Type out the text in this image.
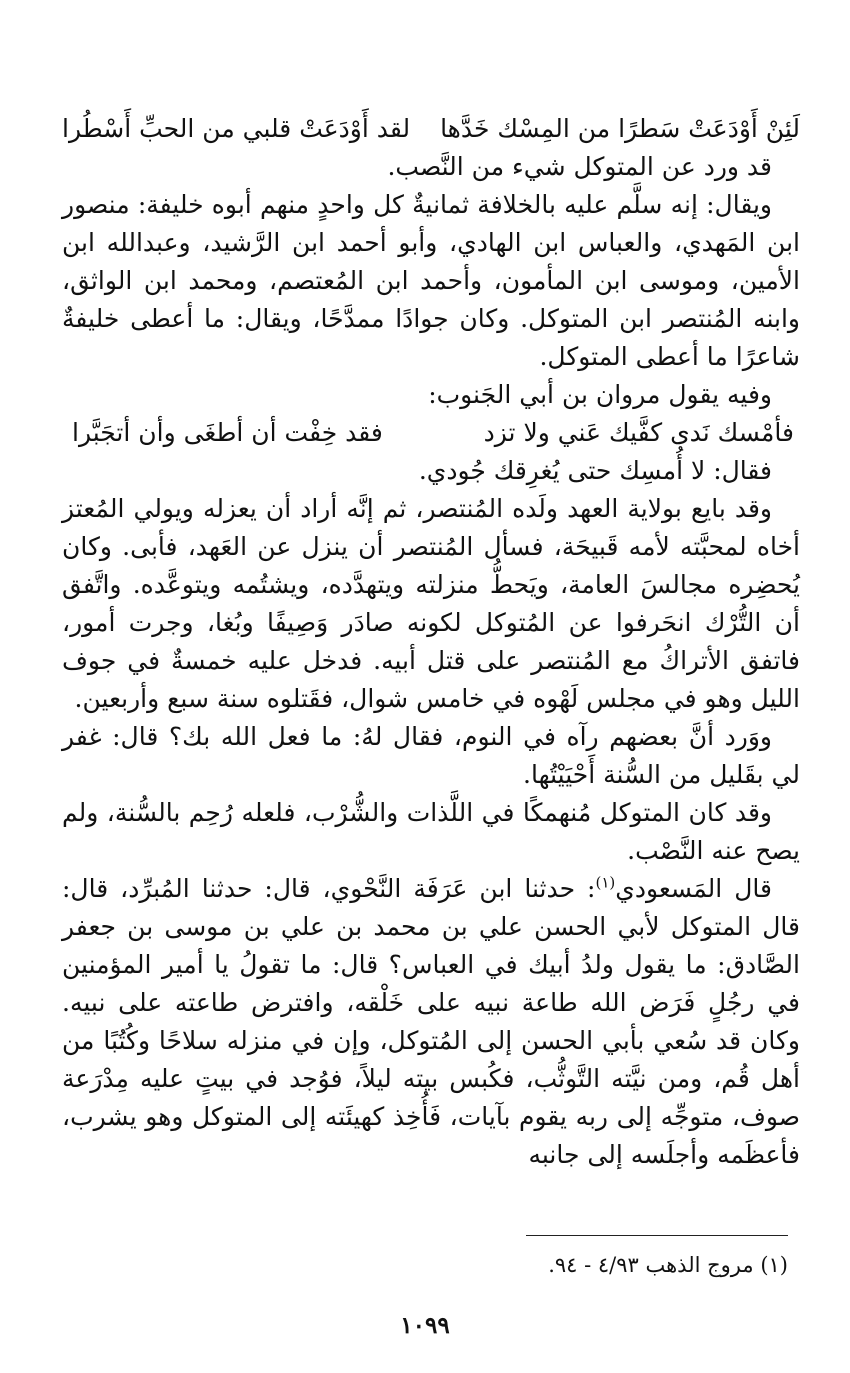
لَئِنْ أَوْدَعَتْ سَطرًا من المِسْك خَدَّها
لقد أَوْدَعَتْ قلبي من الحبِّ أَسْطُرا

قد ورد عن المتوكل شيء من النَّصب.

ويقال: إنه سلَّم عليه بالخلافة ثمانيةٌ كل واحدٍ منهم أبوه خليفة: منصور ابن المَهدي، والعباس ابن الهادي، وأبو أحمد ابن الرَّشيد، وعبدالله ابن الأمين، وموسى ابن المأمون، وأحمد ابن المُعتصم، ومحمد ابن الواثق، وابنه المُنتصر ابن المتوكل. وكان جوادًا ممدَّحًا، ويقال: ما أعطى خليفةٌ شاعرًا ما أعطى المتوكل.

وفيه يقول مروان بن أبي الجَنوب:

فأمْسك نَدى كفَّيك عَني ولا تزد
فقد خِفْت أن أطغَى وأن أتجَبَّرا

فقال: لا أُمسِك حتى يُغرِقك جُودي.

وقد بايع بولاية العهد ولَده المُنتصر، ثم إنَّه أراد أن يعزله ويولي المُعتز أخاه لمحبَّته لأمه قَبيحَة، فسأل المُنتصر أن ينزل عن العَهد، فأبى. وكان يُحضِره مجالسَ العامة، ويَحطُّ منزلته ويتهدَّده، ويشتُمه ويتوعَّده. واتَّفق أن التُّرْك انحَرفوا عن المُتوكل لكونه صادَر وَصِيفًا وبُغا، وجرت أمور، فاتفق الأتراكُ مع المُنتصر على قتل أبيه. فدخل عليه خمسةٌ في جوف الليل وهو في مجلس لَهْوه في خامس شوال، فقَتلوه سنة سبع وأربعين.

ووَرد أنَّ بعضهم رآه في النوم، فقال لهُ: ما فعل الله بك؟ قال: غفر لي بقَليل من السُّنة أَحْيَيْتُها.

وقد كان المتوكل مُنهمكًا في اللَّذات والشُّرْب، فلعله رُحِم بالسُّنة، ولم يصح عنه النَّصْب.

قال المَسعودي$^{(١)}$: حدثنا ابن عَرَفَة النَّحْوي، قال: حدثنا المُبرِّد، قال: قال المتوكل لأبي الحسن علي بن محمد بن علي بن موسى بن جعفر الصَّادق: ما يقول ولدُ أبيك في العباس؟ قال: ما تقولُ يا أمير المؤمنين في رجُلٍ فَرَض الله طاعة نبيه على خَلْقه، وافترض طاعته على نبيه. وكان قد سُعي بأبي الحسن إلى المُتوكل، وإن في منزله سلاحًا وكُتُبًا من أهل قُم، ومن نيَّته التَّوثُّب، فكُبس بيته ليلاً، فوُجد في بيتٍ عليه مِدْرَعة صوف، متوجِّه إلى ربه يقوم بآيات، فَأُخِذ كهيئَته إلى المتوكل وهو يشرب، فأعظَمه وأجلَسه إلى جانبه

(١) مروج الذهب ٤/٩٣ - ٩٤.
١٠٩٩
